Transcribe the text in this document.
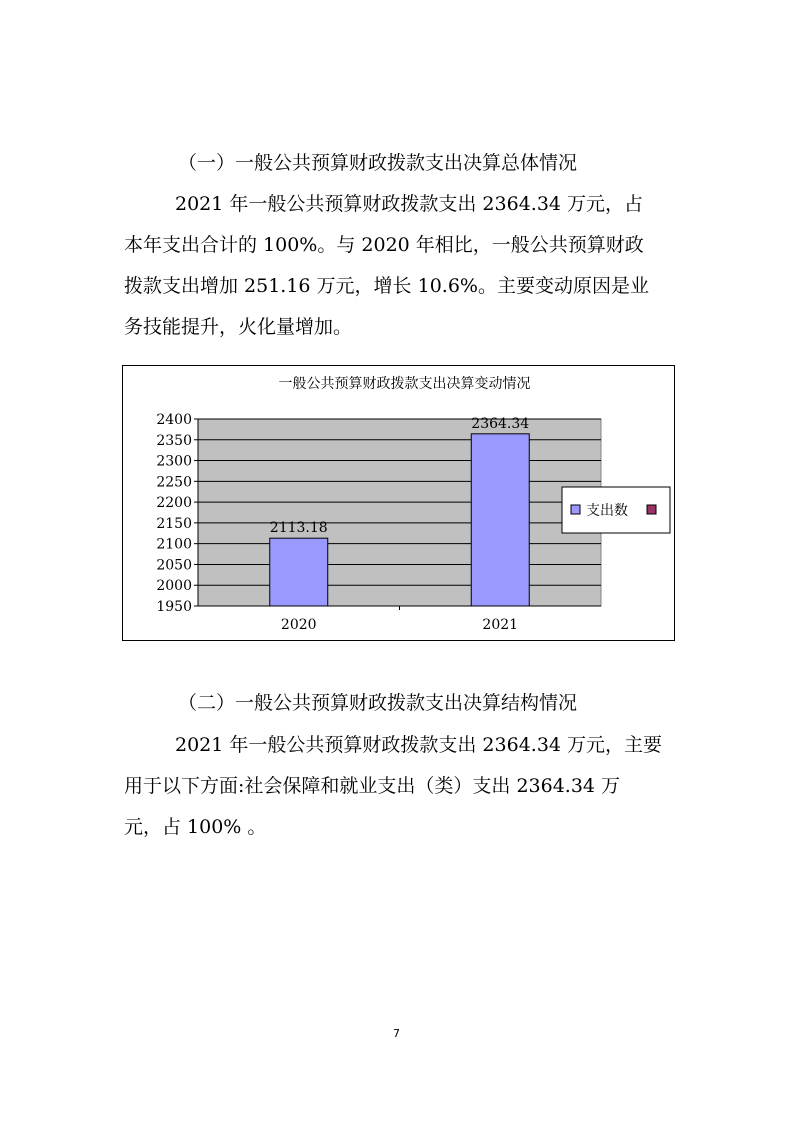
（一）一般公共预算财政拨款支出决算总体情况
2021 年一般公共预算财政拨款支出 2364.34 万元，占
本年支出合计的 100%。与 2020 年相比，一般公共预算财政
拨款支出增加 251.16 万元，增长 10.6%。主要变动原因是业
务技能提升，火化量增加。
一般公共预算财政拨款支出决算变动情况
1950
2000
2050
2100
2150
2200
2250
2300
2350
2400
2113.18
2020
2364.34
2021
支出数
（二）一般公共预算财政拨款支出决算结构情况
2021 年一般公共预算财政拨款支出 2364.34 万元，主要
用于以下方面:社会保障和就业支出（类）支出 2364.34 万
元，占 100% 。
7
